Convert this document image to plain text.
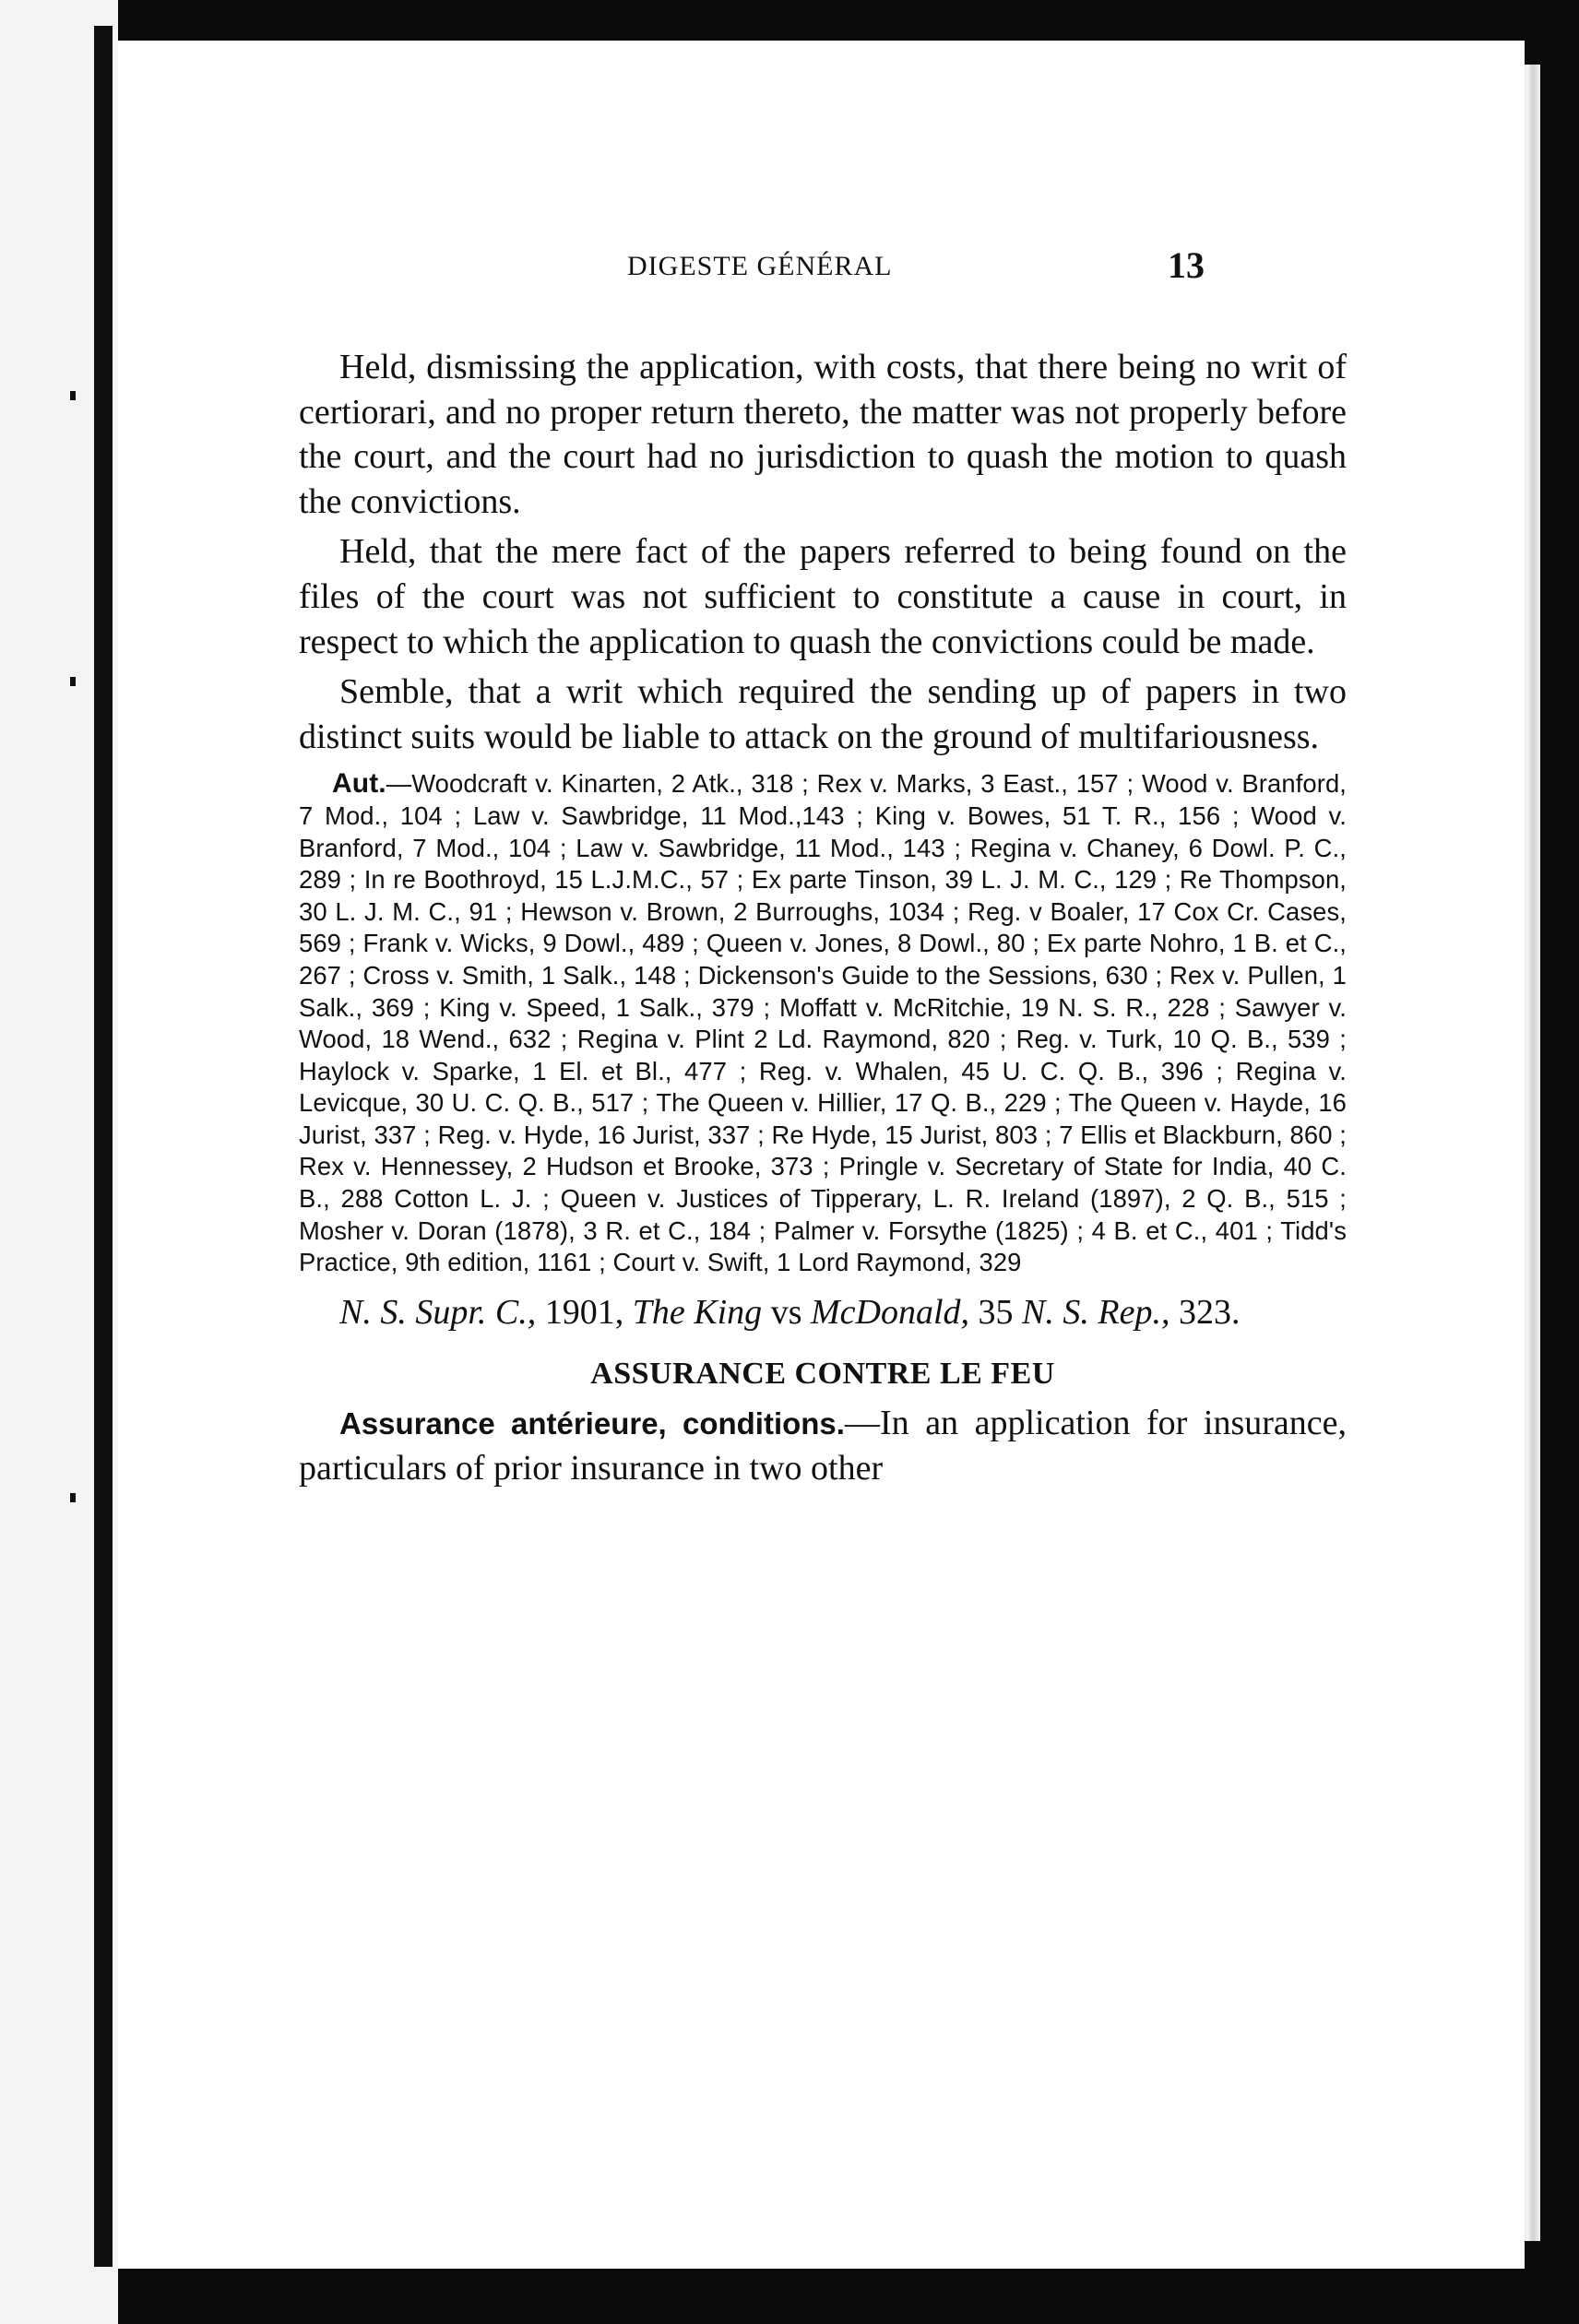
DIGESTE GÉNÉRAL	13

Held, dismissing the application, with costs, that there being no writ of certiorari, and no proper return thereto, the matter was not properly before the court, and the court had no jurisdiction to quash the motion to quash the convictions.

Held, that the mere fact of the papers referred to being found on the files of the court was not sufficient to constitute a cause in court, in respect to which the application to quash the convictions could be made.

Semble, that a writ which required the sending up of papers in two distinct suits would be liable to attack on the ground of multifariousness.

Aut.—Woodcraft v. Kinarten, 2 Atk., 318 ; Rex v. Marks, 3 East., 157 ; Wood v. Branford, 7 Mod., 104 ; Law v. Sawbridge, 11 Mod.,143 ; King v. Bowes, 51 T. R., 156 ; Wood v. Branford, 7 Mod., 104 ; Law v. Sawbridge, 11 Mod., 143 ; Regina v. Chaney, 6 Dowl. P. C., 289 ; In re Boothroyd, 15 L.J.M.C., 57 ; Ex parte Tinson, 39 L. J. M. C., 129 ; Re Thompson, 30 L. J. M. C., 91 ; Hewson v. Brown, 2 Burroughs, 1034 ; Reg. v Boaler, 17 Cox Cr. Cases, 569 ; Frank v. Wicks, 9 Dowl., 489 ; Queen v. Jones, 8 Dowl., 80 ; Ex parte Nohro, 1 B. et C., 267 ; Cross v. Smith, 1 Salk., 148 ; Dickenson's Guide to the Sessions, 630 ; Rex v. Pullen, 1 Salk., 369 ; King v. Speed, 1 Salk., 379 ; Moffatt v. McRitchie, 19 N. S. R., 228 ; Sawyer v. Wood, 18 Wend., 632 ; Regina v. Plint 2 Ld. Raymond, 820 ; Reg. v. Turk, 10 Q. B., 539 ; Haylock v. Sparke, 1 El. et Bl., 477 ; Reg. v. Whalen, 45 U. C. Q. B., 396 ; Regina v. Levicque, 30 U. C. Q. B., 517 ; The Queen v. Hillier, 17 Q. B., 229 ; The Queen v. Hayde, 16 Jurist, 337 ; Reg. v. Hyde, 16 Jurist, 337 ; Re Hyde, 15 Jurist, 803 ; 7 Ellis et Blackburn, 860 ; Rex v. Hennessey, 2 Hudson et Brooke, 373 ; Pringle v. Secretary of State for India, 40 C. B., 288 Cotton L. J. ; Queen v. Justices of Tipperary, L. R. Ireland (1897), 2 Q. B., 515 ; Mosher v. Doran (1878), 3 R. et C., 184 ; Palmer v. Forsythe (1825) ; 4 B. et C., 401 ; Tidd's Practice, 9th edition, 1161 ; Court v. Swift, 1 Lord Raymond, 329
N. S. Supr. C., 1901, The King vs McDonald, 35 N. S. Rep., 323.
ASSURANCE CONTRE LE FEU

Assurance antérieure, conditions.—In an application for insurance, particulars of prior insurance in two other
